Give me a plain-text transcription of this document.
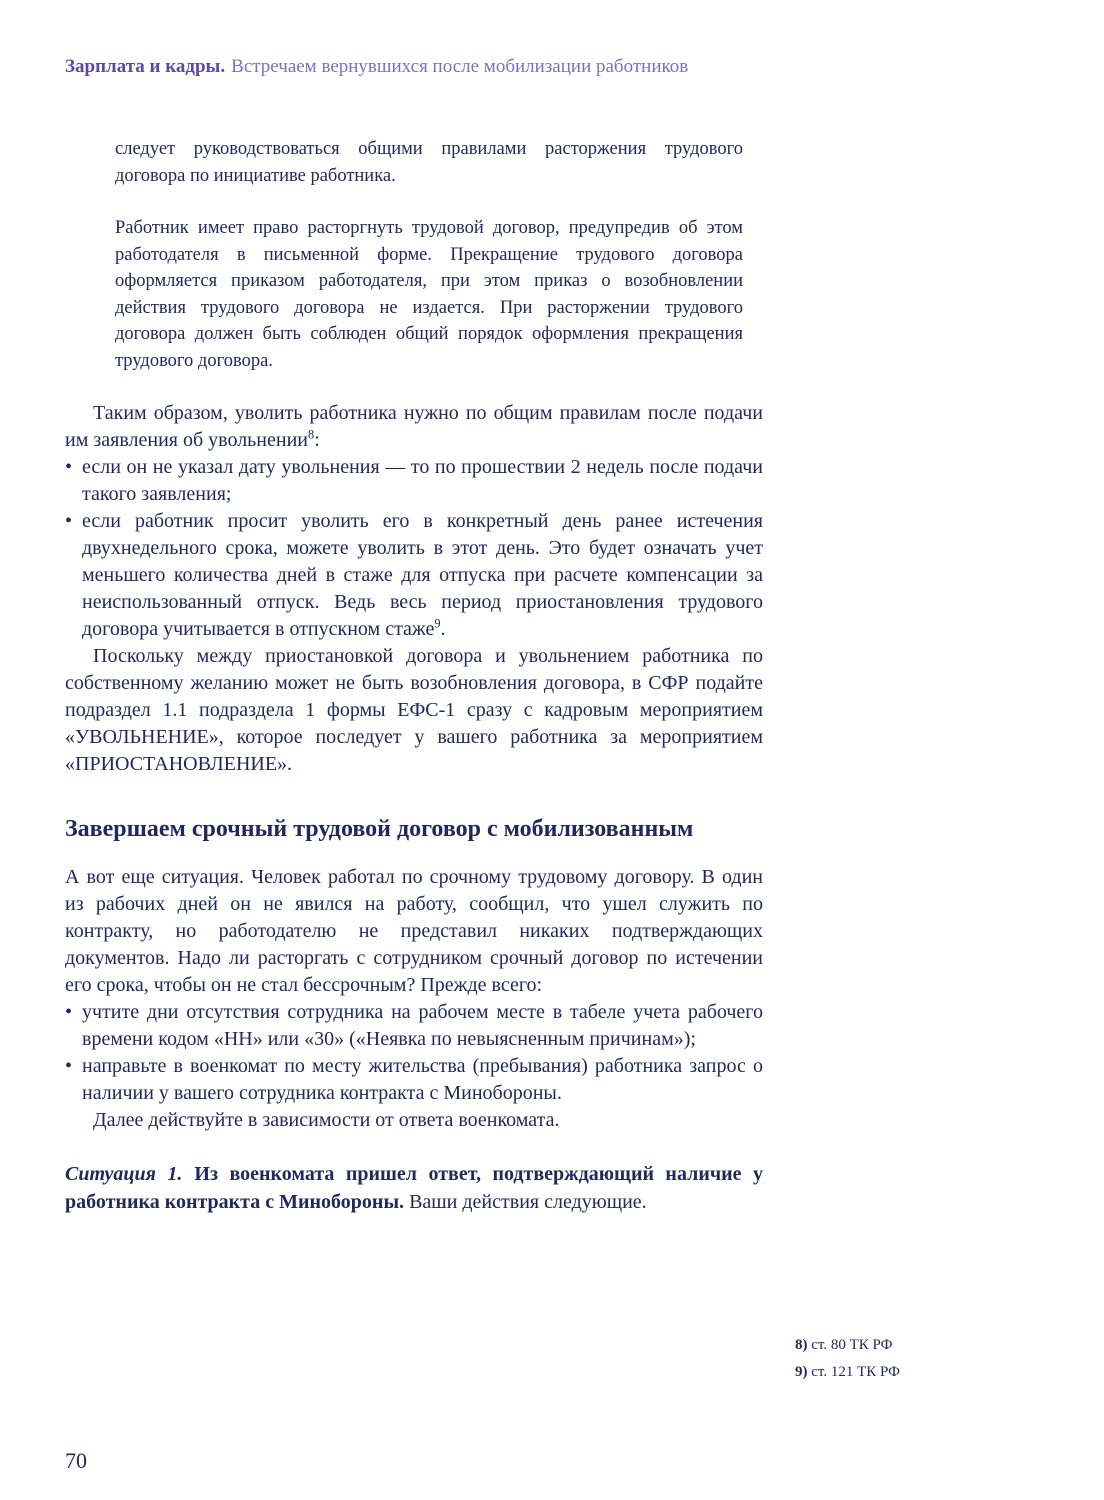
Зарплата и кадры. Встречаем вернувшихся после мобилизации работников

следует руководствоваться общими правилами расторжения трудового договора по инициативе работника.

Работник имеет право расторгнуть трудовой договор, предупредив об этом работодателя в письменной форме. Прекращение трудового договора оформляется приказом работодателя, при этом приказ о возобновлении действия трудового договора не издается. При расторжении трудового договора должен быть соблюден общий порядок оформления прекращения трудового договора.

Таким образом, уволить работника нужно по общим правилам после подачи им заявления об увольнении$^8$:

• если он не указал дату увольнения — то по прошествии 2 недель после подачи такого заявления;
• если работник просит уволить его в конкретный день ранее истечения двухнедельного срока, можете уволить в этот день. Это будет означать учет меньшего количества дней в стаже для отпуска при расчете компенсации за неиспользованный отпуск. Ведь весь период приостановления трудового договора учитывается в отпускном стаже$^9$.

Поскольку между приостановкой договора и увольнением работника по собственному желанию может не быть возобновления договора, в СФР подайте подраздел 1.1 подраздела 1 формы ЕФС-1 сразу с кадровым мероприятием «УВОЛЬНЕНИЕ», которое последует у вашего работника за мероприятием «ПРИОСТАНОВЛЕНИЕ».

Завершаем срочный трудовой договор с мобилизованным

А вот еще ситуация. Человек работал по срочному трудовому договору. В один из рабочих дней он не явился на работу, сообщил, что ушел служить по контракту, но работодателю не представил никаких подтверждающих документов. Надо ли расторгать с сотрудником срочный договор по истечении его срока, чтобы он не стал бессрочным? Прежде всего:

• учтите дни отсутствия сотрудника на рабочем месте в табеле учета рабочего времени кодом «НН» или «30» («Неявка по невыясненным причинам»);
• направьте в военкомат по месту жительства (пребывания) работника запрос о наличии у вашего сотрудника контракта с Минобороны.

Далее действуйте в зависимости от ответа военкомата.

Ситуация 1. Из военкомата пришел ответ, подтверждающий наличие у работника контракта с Минобороны. Ваши действия следующие.

8) ст. 80 ТК РФ
9) ст. 121 ТК РФ
70
